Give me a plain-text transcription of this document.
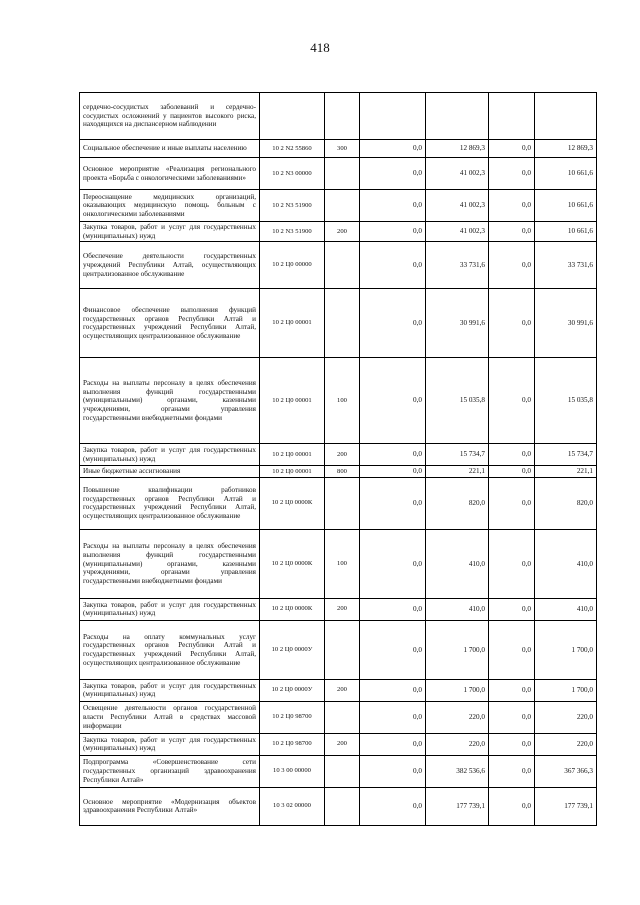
418
сердечно-сосудистых заболеваний и сердечно-сосудистых осложнений у пациентов высокого риска, находящихся на диспансерном наблюдении						
Социальное обеспечение и иные выплаты населению	10 2 N2 55860	300	0,0	12 869,3	0,0	12 869,3
Основное мероприятие «Реализация регионального проекта «Борьба с онкологическими заболеваниями»	10 2 N3 00000		0,0	41 002,3	0,0	10 661,6
Переоснащение медицинских организаций, оказывающих медицинскую помощь больным с онкологическими заболеваниями	10 2 N3 51900		0,0	41 002,3	0,0	10 661,6
Закупка товаров, работ и услуг для государственных (муниципальных) нужд	10 2 N3 51900	200	0,0	41 002,3	0,0	10 661,6
Обеспечение деятельности государственных учреждений Республики Алтай, осуществляющих централизованное обслуживание	10 2 Ц0 00000		0,0	33 731,6	0,0	33 731,6
Финансовое обеспечение выполнения функций государственных органов Республики Алтай и государственных учреждений Республики Алтай, осуществляющих централизованное обслуживание	10 2 Ц0 00001		0,0	30 991,6	0,0	30 991,6
Расходы на выплаты персоналу в целях обеспечения выполнения функций государственными (муниципальными) органами, казенными учреждениями, органами управления государственными внебюджетными фондами	10 2 Ц0 00001	100	0,0	15 035,8	0,0	15 035,8
Закупка товаров, работ и услуг для государственных (муниципальных) нужд	10 2 Ц0 00001	200	0,0	15 734,7	0,0	15 734,7
Иные бюджетные ассигнования	10 2 Ц0 00001	800	0,0	221,1	0,0	221,1
Повышение квалификации работников государственных органов Республики Алтай и государственных учреждений Республики Алтай, осуществляющих централизованное обслуживание	10 2 Ц0 0000К		0,0	820,0	0,0	820,0
Расходы на выплаты персоналу в целях обеспечения выполнения функций государственными (муниципальными) органами, казенными учреждениями, органами управления государственными внебюджетными фондами	10 2 Ц0 0000К	100	0,0	410,0	0,0	410,0
Закупка товаров, работ и услуг для государственных (муниципальных) нужд	10 2 Ц0 0000К	200	0,0	410,0	0,0	410,0
Расходы на оплату коммунальных услуг государственных органов Республики Алтай и государственных учреждений Республики Алтай, осуществляющих централизованное обслуживание	10 2 Ц0 0000У		0,0	1 700,0	0,0	1 700,0
Закупка товаров, работ и услуг для государственных (муниципальных) нужд	10 2 Ц0 0000У	200	0,0	1 700,0	0,0	1 700,0
Освещение деятельности органов государственной власти Республики Алтай в средствах массовой информации	10 2 Ц0 98700		0,0	220,0	0,0	220,0
Закупка товаров, работ и услуг для государственных (муниципальных) нужд	10 2 Ц0 98700	200	0,0	220,0	0,0	220,0
Подпрограмма «Совершенствование сети государственных организаций здравоохранения Республики Алтай»	10 3 00 00000		0,0	382 536,6	0,0	367 366,3
Основное мероприятие «Модернизация объектов здравоохранения Республики Алтай»	10 3 02 00000		0,0	177 739,1	0,0	177 739,1
